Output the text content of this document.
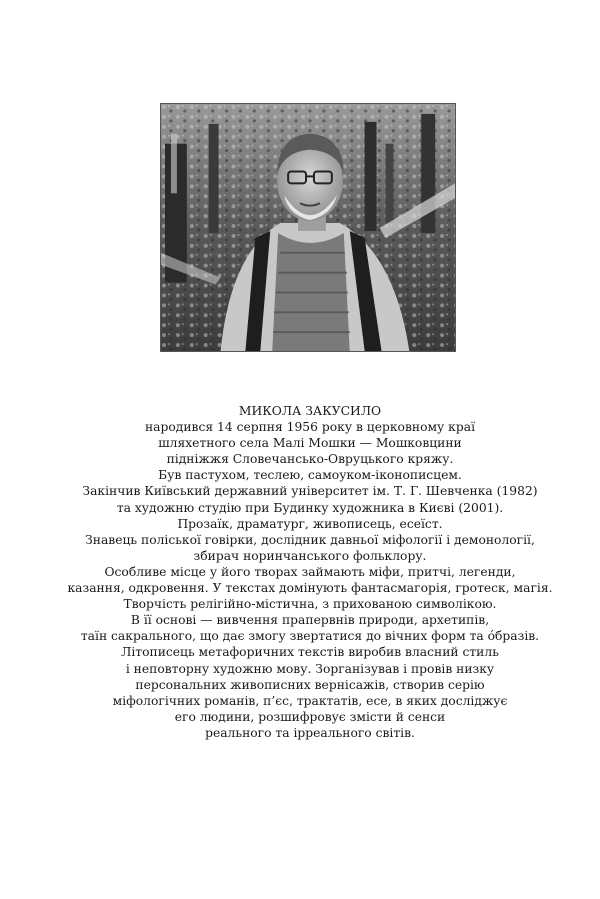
МИКОЛА ЗАКУСИЛО
народився 14 серпня 1956 року в церковному краї
шляхетного села Малі Мошки — Мошковцини
підніжжя Словечансько-Овруцького кряжу.
Був пастухом, теслею, самоуком-іконописцем.
Закінчив Київський державний університет ім. Т. Г. Шевченка (1982)
та художню студію при Будинку художника в Києві (2001).
Прозаїк, драматург, живописець, есеїст.
Знавець поліської говірки, дослідник давньої міфології і демонології,
збирач норинчанського фольклору.
Особливе місце у його творах займають міфи, притчі, легенди,
казання, одкровення. У текстах домінують фантасмагорія, гротеск, магія.
Творчість релігійно-містична, з прихованою символікою.
В її основі — вивчення прапервнів природи, архетипів,
таїн сакрального, що дає змогу звертатися до вічних форм та óбразів.
Літописець метафоричних текстів виробив власний стиль
і неповторну художню мову. Зорганізував і провів низку
персональних живописних вернісажів, створив серію
міфологічних романів, п’єс, трактатів, есе, в яких досліджує
его людини, розшифровує змісти й сенси
реального та ірреального світів.
